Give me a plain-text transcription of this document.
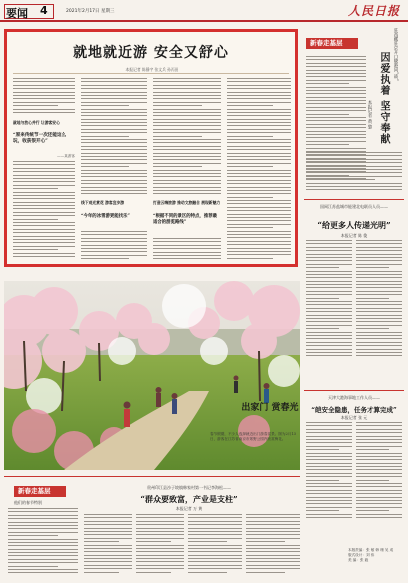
要闻 4	2021年2月17日 星期三	人民日报
就地就近游 安全又舒心
本报记者 陈静宇 张文兵 孙丙田
就地与放心并行 让游客安心
“原来传统节一次还能这么玩，收获很开心”
——某游客
线下观光赏花 游客宜步游
“今年的冰雪游更能找乐”
打造云端旅游 推动文旅融合 展现新魅力
“根据不同的景区的特点，推荐最适合的游览路线”
新春走基层	驻西藏驻京开口晓港同“战”
因爱执着 坚守奉献
本报记者 黄 黎
国网江苏盐城市能建北电联员人员——
“给更多人传递光明”
本报记者 陈 俊
出家门 赏春光
春节假期，不少人选择就近出门游春赏景。图为2月13日，游客在江苏省南京市郊野公园内欣赏梅花。
天津大港海事地工作人员——
“皑安全隐患，任务才算完成”
本报记者 张 元
新春走基层
他们的春节特别
贵州印江县沙子坡镇韩家村第一书记李海松——
“群众要致富，产业是支柱”
本报记者 万 黄
本版责编：张 敏 韩 珊 吴 成
版式设计：刘 伟
美 编：张 毅
